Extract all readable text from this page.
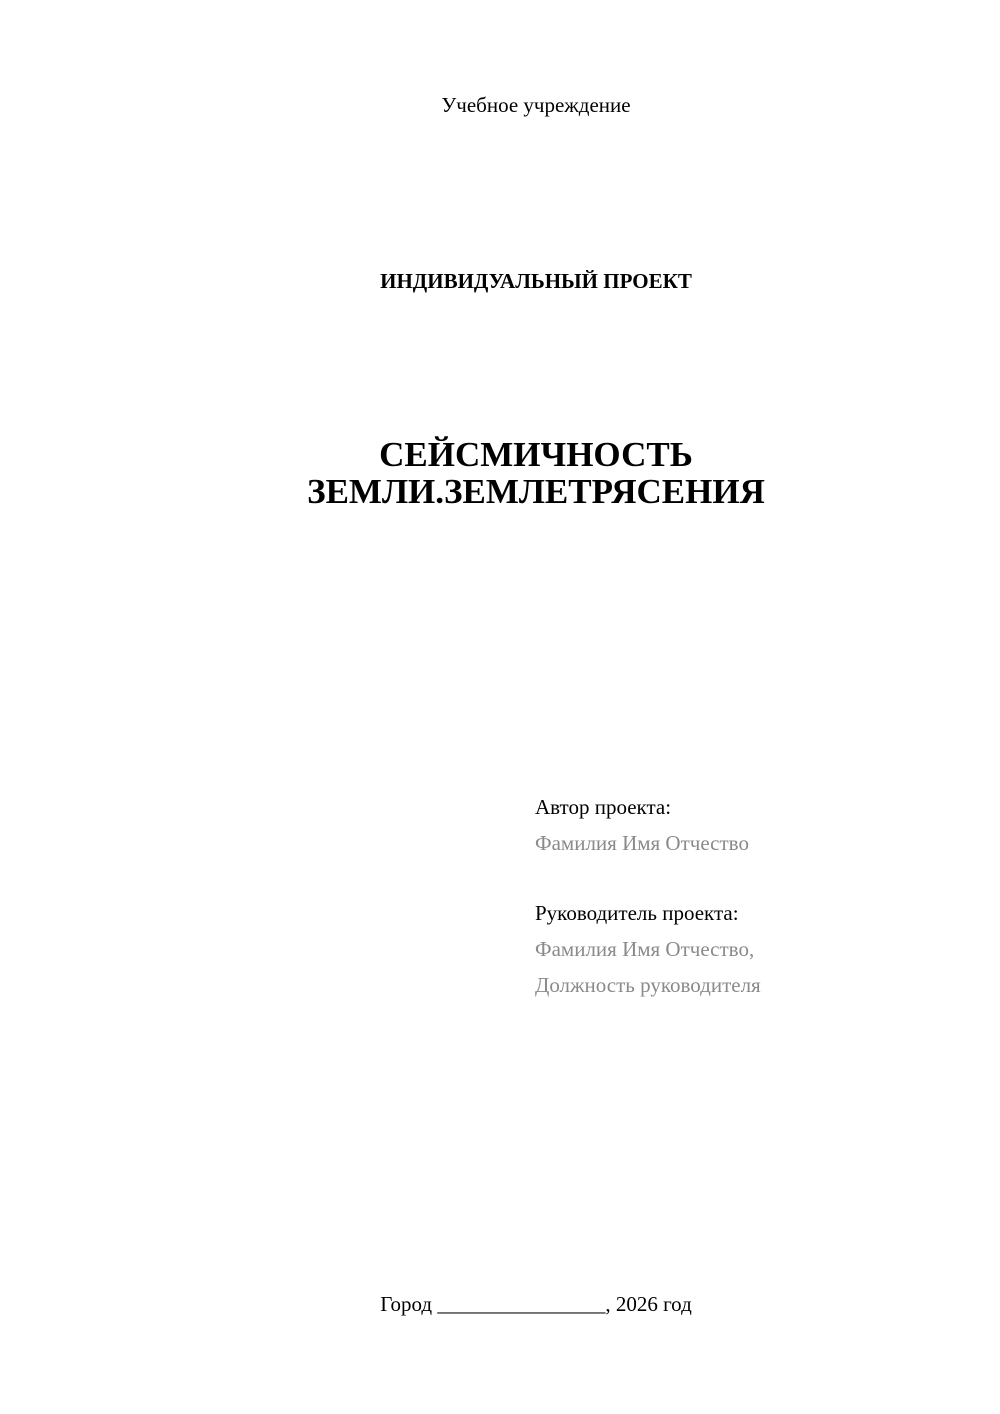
Учебное учреждение
ИНДИВИДУАЛЬНЫЙ ПРОЕКТ
СЕЙСМИЧНОСТЬ
ЗЕМЛИ.ЗЕМЛЕТРЯСЕНИЯ
Автор проекта:
Фамилия Имя Отчество
Руководитель проекта:
Фамилия Имя Отчество,
Должность руководителя
Город ________________, 2026 год
